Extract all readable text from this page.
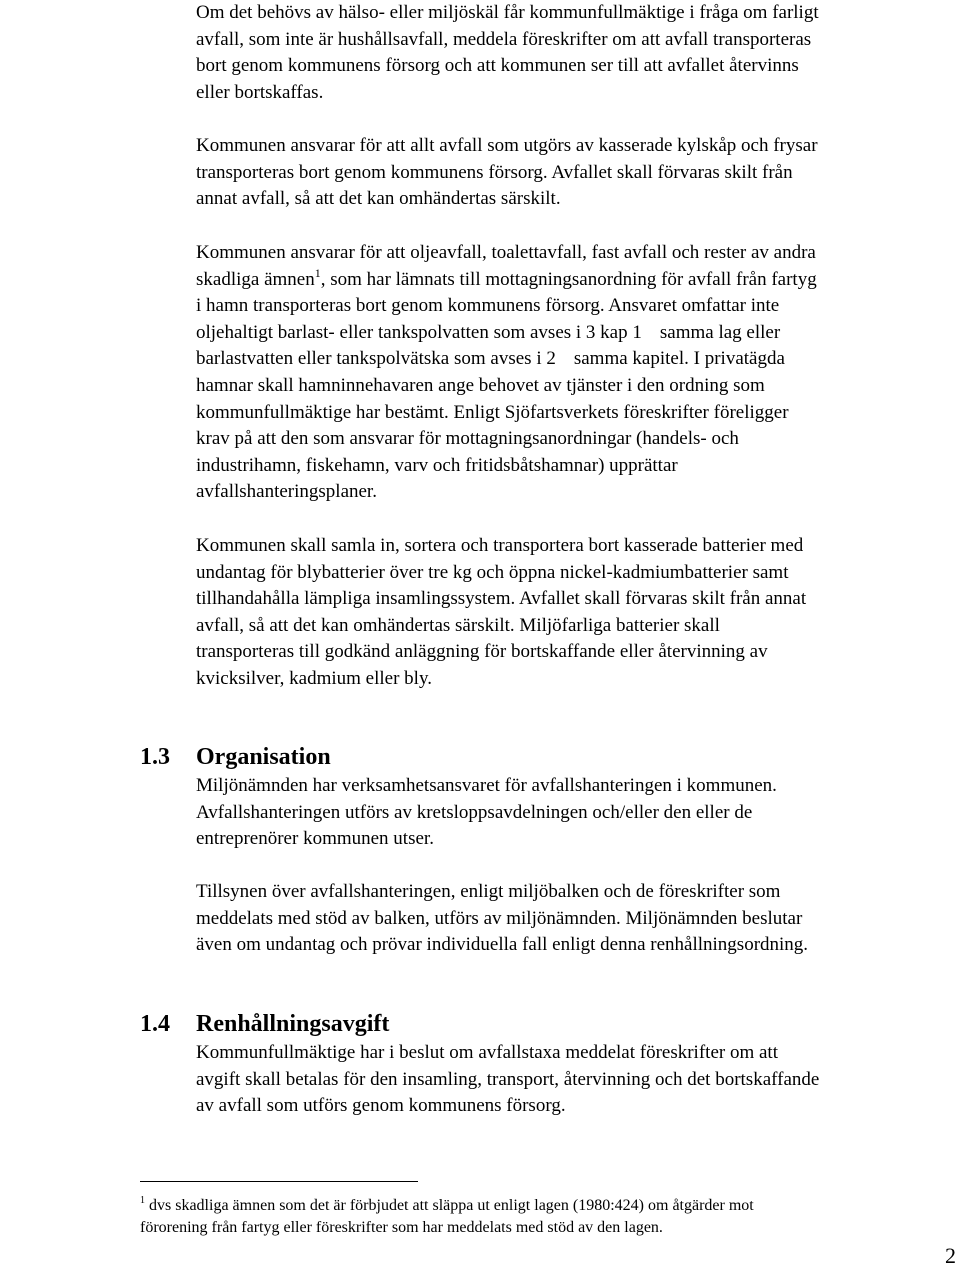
Om det behövs av hälso- eller miljöskäl får kommunfullmäktige i fråga om farligt
avfall, som inte är hushållsavfall, meddela föreskrifter om att avfall transporteras
bort genom kommunens försorg och att kommunen ser till att avfallet återvinns
eller bortskaffas.

Kommunen ansvarar för att allt avfall som utgörs av kasserade kylskåp och frysar
transporteras bort genom kommunens försorg. Avfallet skall förvaras skilt från
annat avfall, så att det kan omhändertas särskilt.

Kommunen ansvarar för att oljeavfall, toalettavfall, fast avfall och rester av andra
skadliga ämnen$^1$, som har lämnats till mottagningsanordning för avfall från fartyg
i hamn transporteras bort genom kommunens försorg. Ansvaret omfattar inte
oljehaltigt barlast- eller tankspolvatten som avses i 3 kap 1 samma lag eller
barlastvatten eller tankspolvätska som avses i 2 samma kapitel. I privatägda
hamnar skall hamninnehavaren ange behovet av tjänster i den ordning som
kommunfullmäktige har bestämt. Enligt Sjöfartsverkets föreskrifter föreligger
krav på att den som ansvarar för mottagningsanordningar (handels- och
industrihamn, fiskehamn, varv och fritidsbåtshamnar) upprättar
avfallshanteringsplaner.

Kommunen skall samla in, sortera och transportera bort kasserade batterier med
undantag för blybatterier över tre kg och öppna nickel-kadmiumbatterier samt
tillhandahålla lämpliga insamlingssystem. Avfallet skall förvaras skilt från annat
avfall, så att det kan omhändertas särskilt. Miljöfarliga batterier skall
transporteras till godkänd anläggning för bortskaffande eller återvinning av
kvicksilver, kadmium eller bly.

1.3 Organisation

Miljönämnden har verksamhetsansvaret för avfallshanteringen i kommunen.
Avfallshanteringen utförs av kretsloppsavdelningen och/eller den eller de
entreprenörer kommunen utser.

Tillsynen över avfallshanteringen, enligt miljöbalken och de föreskrifter som
meddelats med stöd av balken, utförs av miljönämnden. Miljönämnden beslutar
även om undantag och prövar individuella fall enligt denna renhållningsordning.

1.4 Renhållningsavgift

Kommunfullmäktige har i beslut om avfallstaxa meddelat föreskrifter om att
avgift skall betalas för den insamling, transport, återvinning och det bortskaffande
av avfall som utförs genom kommunens försorg.

$^1$ dvs skadliga ämnen som det är förbjudet att släppa ut enligt lagen (1980:424) om åtgärder mot
förorening från fartyg eller föreskrifter som har meddelats med stöd av den lagen.

2
